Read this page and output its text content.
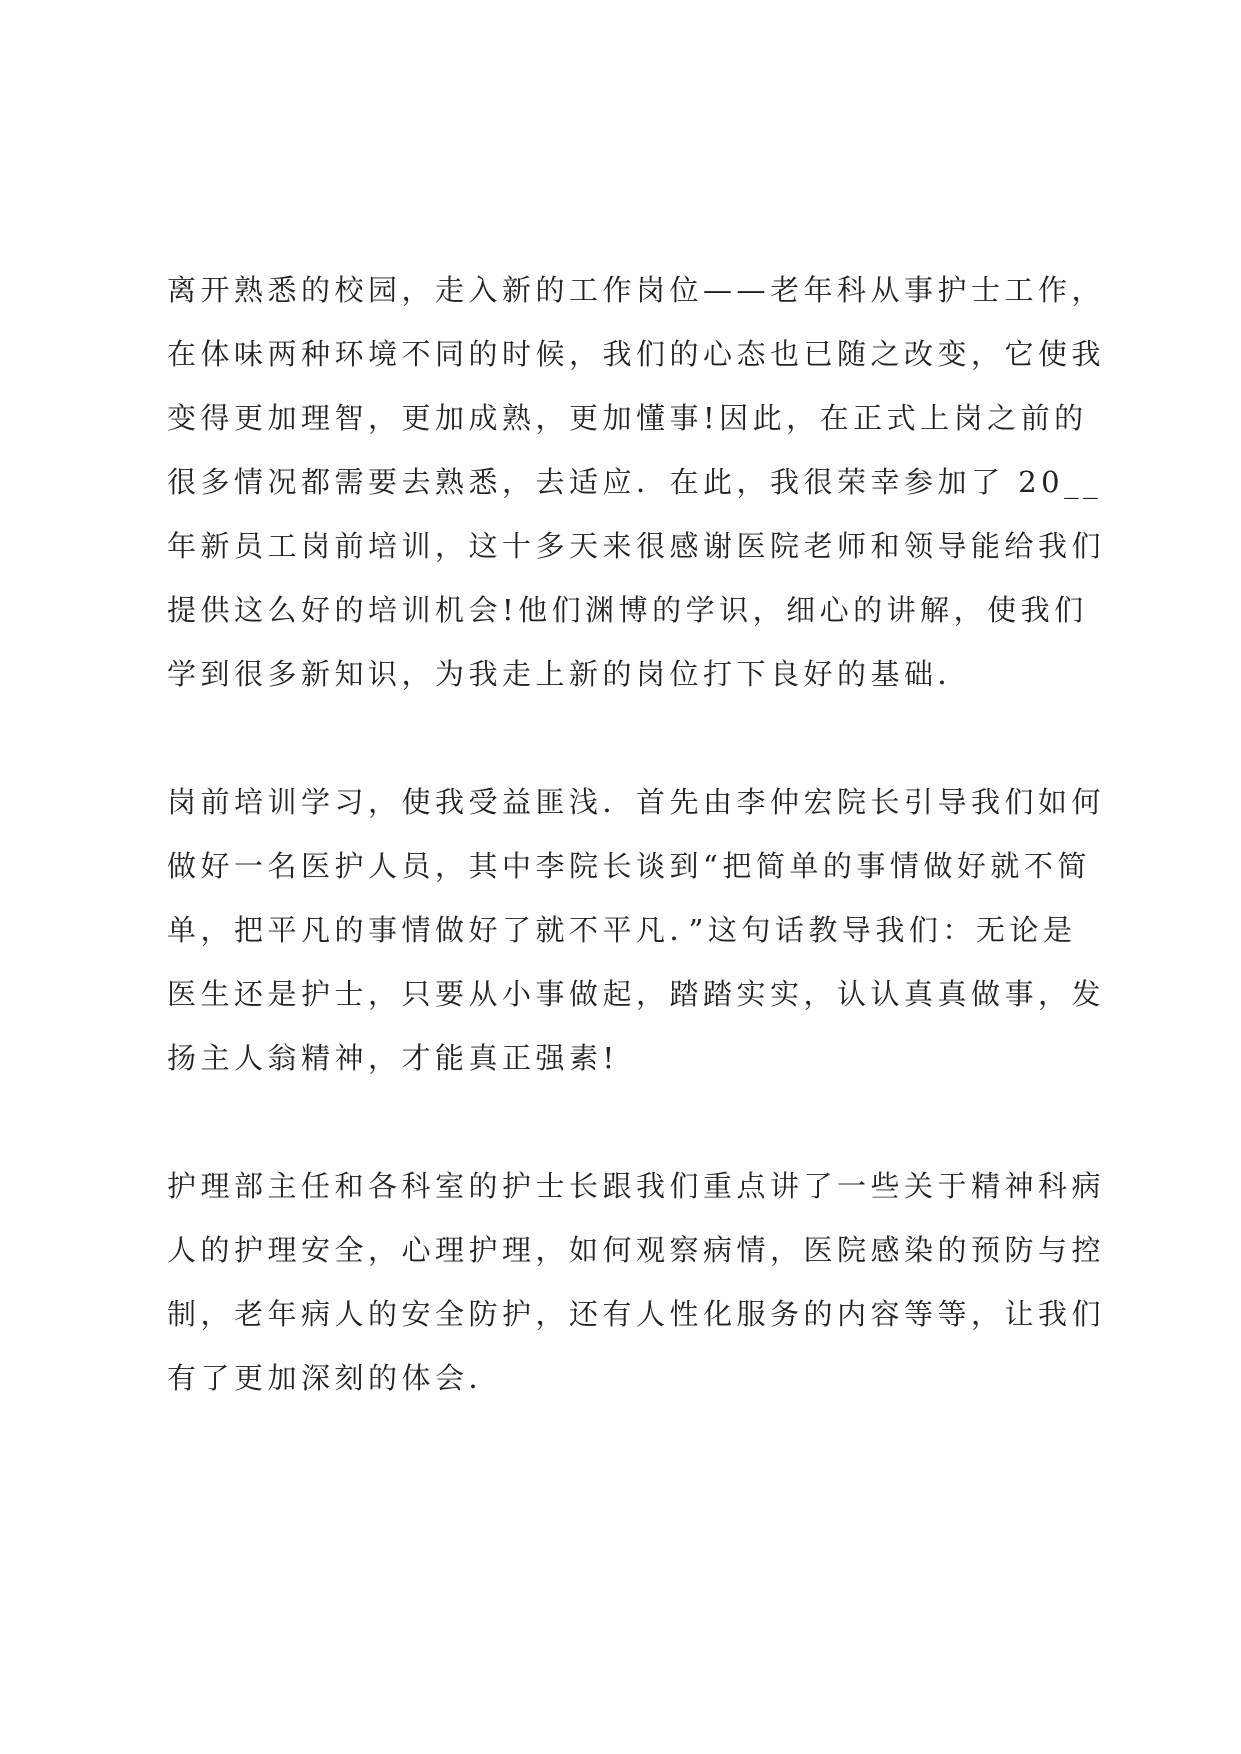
离开熟悉的校园，走入新的工作岗位——老年科从事护士工作，
在体味两种环境不同的时候，我们的心态也已随之改变，它使我
变得更加理智，更加成熟，更加懂事!因此，在正式上岗之前的
很多情况都需要去熟悉，去适应．在此，我很荣幸参加了 20__
年新员工岗前培训，这十多天来很感谢医院老师和领导能给我们
提供这么好的培训机会!他们渊博的学识，细心的讲解，使我们
学到很多新知识，为我走上新的岗位打下良好的基础．

岗前培训学习，使我受益匪浅．首先由李仲宏院长引导我们如何
做好一名医护人员，其中李院长谈到“把简单的事情做好就不简
单，把平凡的事情做好了就不平凡．”这句话教导我们：无论是
医生还是护士，只要从小事做起，踏踏实实，认认真真做事，发
扬主人翁精神，才能真正强素!

护理部主任和各科室的护士长跟我们重点讲了一些关于精神科病
人的护理安全，心理护理，如何观察病情，医院感染的预防与控
制，老年病人的安全防护，还有人性化服务的内容等等，让我们
有了更加深刻的体会．
